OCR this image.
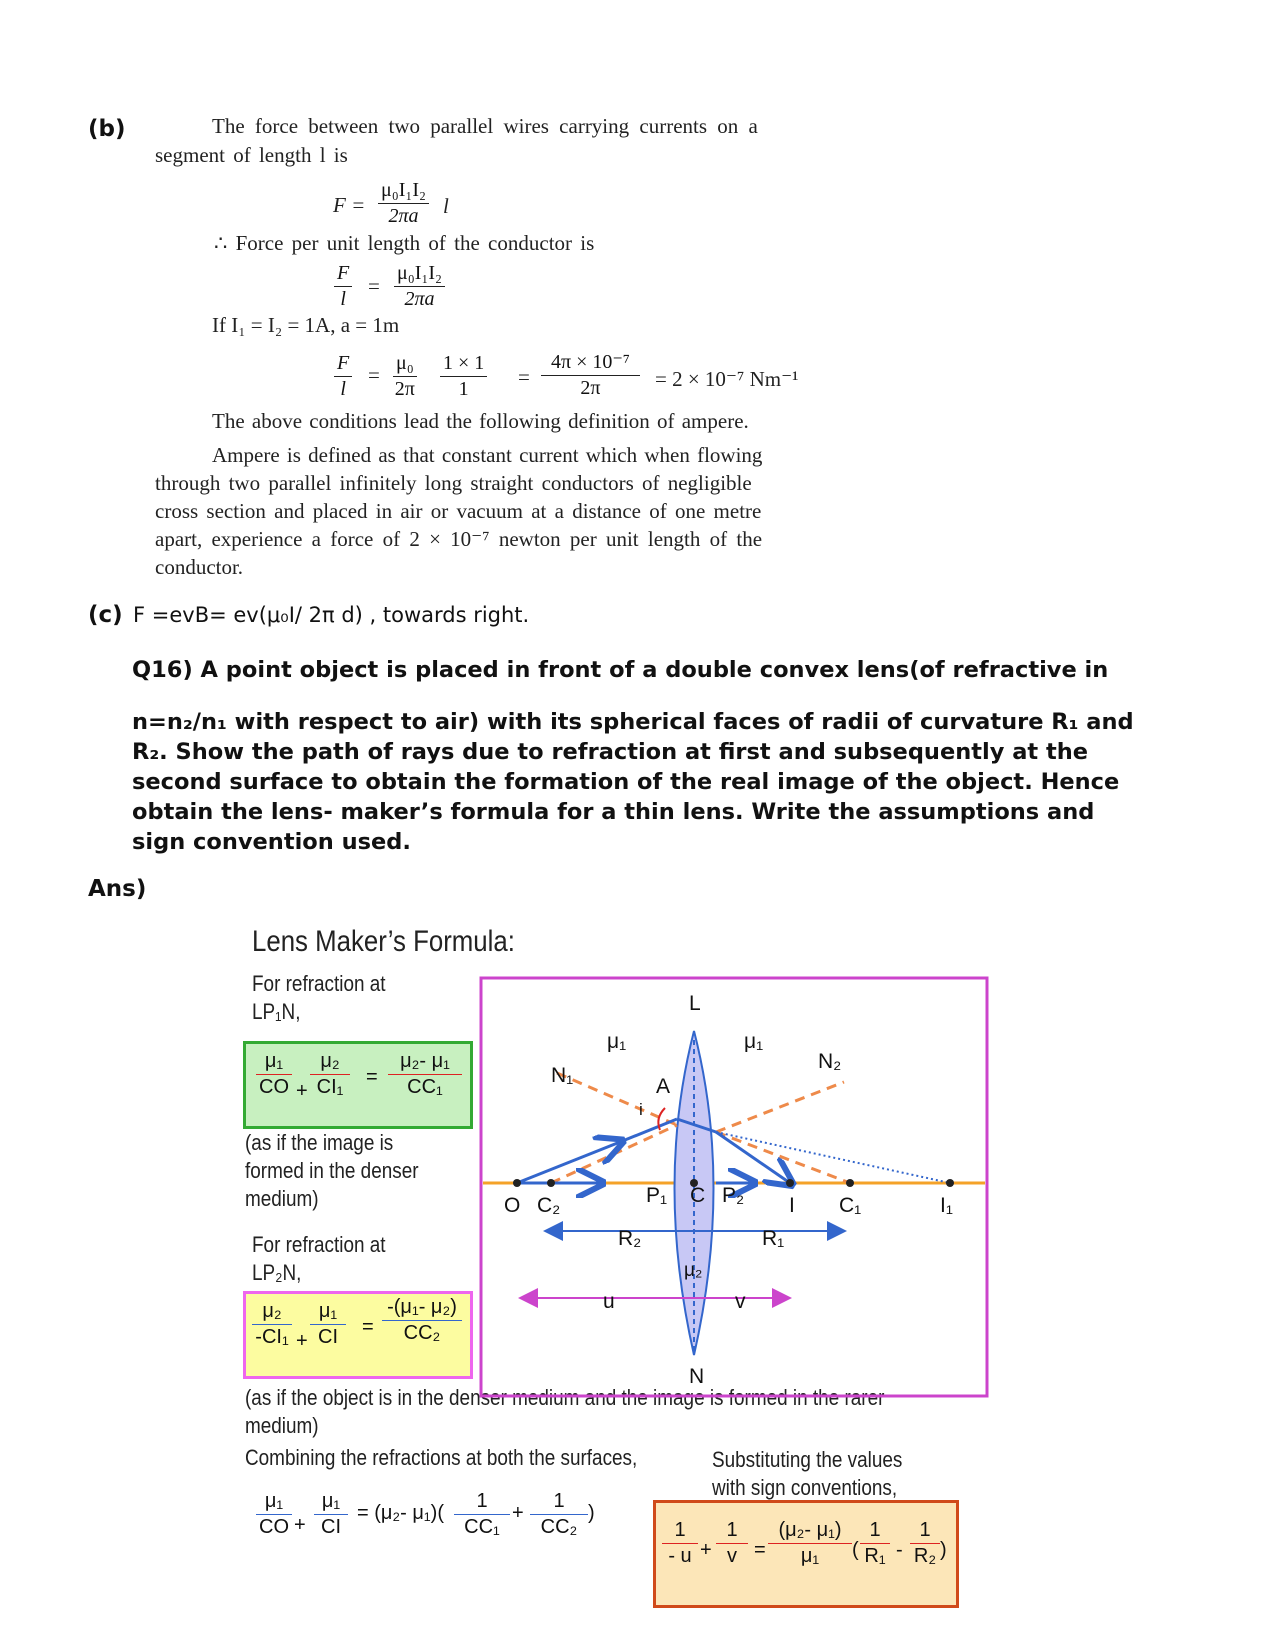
(b)	The force between two parallel wires carrying currents on a
segment of length l is
$F = \frac{\text{μ₀I₁I₂}}{2\pi a}$ l
∴ Force per unit length of the conductor is
$\frac{F}{l} = \frac{\text{μ₀I₁I₂}}{2\pi a}$
If I₁ = I₂ = 1A, a = 1m
$\frac{F}{l} = \frac{\text{μ₀}}{2\pi} \frac{1 \times 1}{1} = \frac{\text{4π × 10⁻⁷}}{2\pi} = 2 \times 10^{-7}$ Nm⁻¹
The above conditions lead the following definition of ampere.
Ampere is defined as that constant current which when flowing
through two parallel infinitely long straight conductors of negligible
cross section and placed in air or vacuum at a distance of one metre
apart, experience a force of 2 × 10⁻⁷ newton per unit length of the
conductor.
(c) F =evB= ev(μ₀I/ 2π d) , towards right.
Q16) A point object is placed in front of a double convex lens(of refractive in
n=n₂/n₁ with respect to air) with its spherical faces of radii of curvature R₁ and
R₂. Show the path of rays due to refraction at first and subsequently at the
second surface to obtain the formation of the real image of the object. Hence
obtain the lens- maker’s formula for a thin lens. Write the assumptions and
sign convention used.
Ans)
Lens Maker’s Formula:
For refraction at
LP₁N,
$\frac{\text{μ₁}}{CO} + \frac{\text{μ₂}}{\text{CI₁}} = \frac{\text{μ₂- μ₁}}{\text{CC₁}}$
(as if the image is
formed in the denser
medium)
For refraction at
LP₂N,
$\frac{\text{μ₂}}{\text{-CI₁}} + \frac{\text{μ₁}}{CI} = \frac{\text{-(μ₁- μ₂)}}{\text{CC₂}}$
(as if the object is in the denser medium and the image is formed in the rarer
medium)
Combining the refractions at both the surfaces,
$\frac{\text{μ₁}}{CO} + \frac{\text{μ₁}}{CI} = (\mu_2-$ $\mu_1)( \frac{1}{\text{CC₁}} + \frac{1}{\text{CC₂}}$ )
Substituting the values
with sign conventions,
$\frac{1}{- u} + \frac{1}{v} = \frac{\text{(μ₂- μ₁)}}{\text{μ₁}}$ ( $\frac{1}{\text{R₁}} - \frac{1}{\text{R₂}}$ )
L
N
N₁
N₂
A
i
μ₁	μ₁
μ₂
O C₂	P₁ C P₂ I C₁	I₁
R₂	R₁
u	v
